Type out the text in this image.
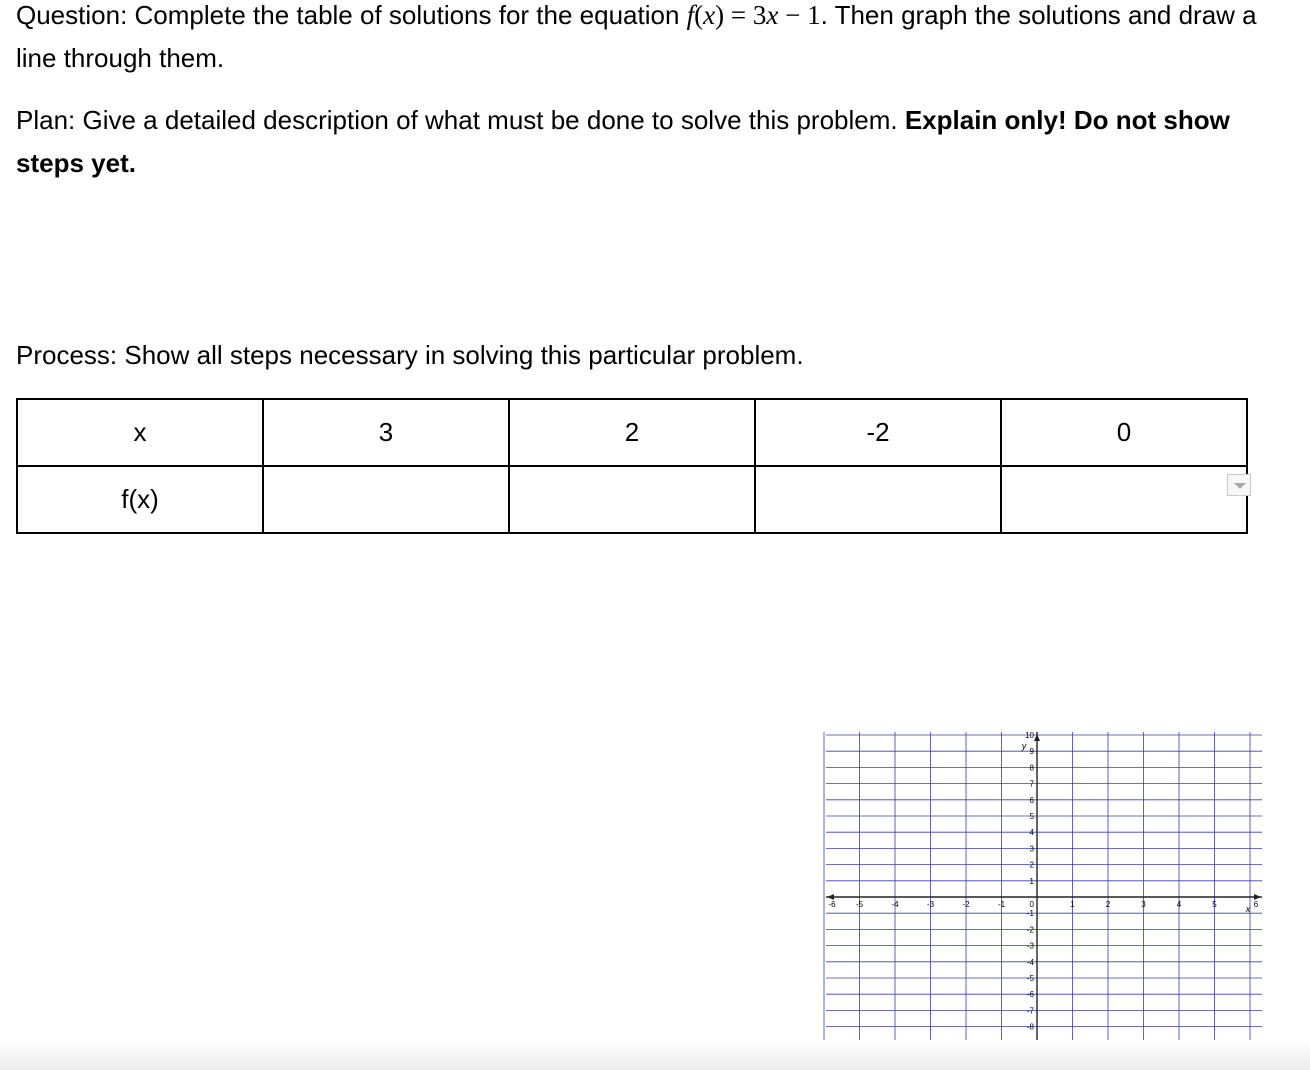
Question: Complete the table of solutions for the equation f(x) = 3x − 1. Then graph the solutions and draw a line through them.
Plan: Give a detailed description of what must be done to solve this problem. Explain only! Do not show steps yet.
Process: Show all steps necessary in solving this particular problem.
x	3	2	-2	0
f(x)				
-6	-5	-4	-3	-2	-1	1	2	3	4	5	6
10
9
8
7
6
5
4
3
2
1
0
-1
-2
-3
-4
-5
-6
-7
-8
y
x
